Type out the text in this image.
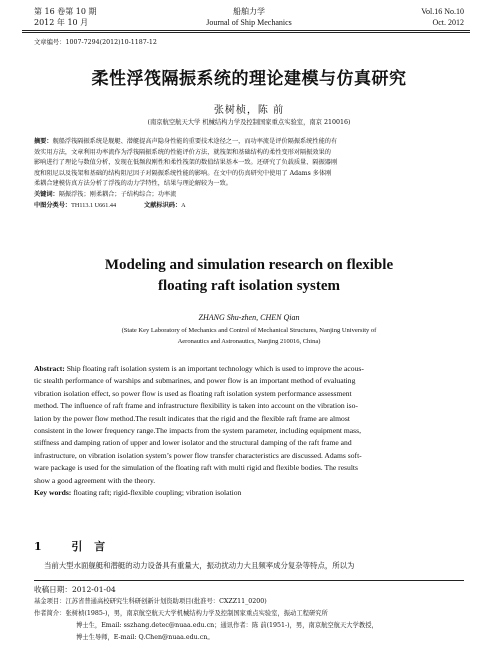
第 16 卷第 10 期
2012 年 10 月
船舶力学
Journal of Ship Mechanics
Vol.16 No.10
Oct. 2012
文章编号：1007-7294(2012)10-1187-12
柔性浮筏隔振系统的理论建模与仿真研究
张树桢，陈 前
(南京航空航天大学 机械结构力学及控制国家重点实验室，南京 210016)
摘要：舰船浮筏隔振系统是舰艇、潜艇提高声隐身性能的重要技术途径之一，而功率流是评价隔振系统性能的有
效实用方法，文章利用功率流作为浮筏隔振系统的性能评价方法，就筏架和基础结构的柔性变形对隔振效果的
影响进行了理论与数值分析，发现在低频段刚性和柔性筏架的数值结果基本一致。还研究了负载质量、隔振器刚
度和阻尼以及筏架和基础的结构阻尼因子对隔振系统性能的影响。在文中的仿真研究中使用了 Adams 多体刚
柔耦合建模仿真方法分析了浮筏的动力学特性，结果与理论解较为一致。
关键词：隔振浮筏；刚柔耦合；子结构综合；功率流
中图分类号：TH113.1 U661.44	文献标识码：A
Modeling and simulation research on flexible
floating raft isolation system
ZHANG Shu-zhen, CHEN Qian
(State Key Laboratory of Mechanics and Control of Mechanical Structures, Nanjing University of
Aeronautics and Astronautics, Nanjing 210016, China)
Abstract: Ship floating raft isolation system is an important technology which is used to improve the acous-
tic stealth performance of warships and submarines, and power flow is an important method of evaluating
vibration isolation effect, so power flow is used as floating raft isolation system performance assessment
method. The influence of raft frame and infrastructure flexibility is taken into account on the vibration iso-
lation by the power flow method.The result indicates that the rigid and the flexible raft frame are almost
consistent in the lower frequency range.The impacts from the system parameter, including equipment mass,
stiffness and damping ration of upper and lower isolator and the structural damping of the raft frame and
infrastructure, on vibration isolation system’s power flow transfer characteristics are discussed. Adams soft-
ware package is used for the simulation of the floating raft with multi rigid and flexible bodies. The results
show a good agreement with the theory.
Key words: floating raft; rigid-flexible coupling; vibration isolation
1 引 言
当前大型水面舰艇和潜艇的动力设备具有重量大，振动扰动力大且频率成分复杂等特点，所以为
收稿日期：2012-01-04
基金项目：江苏省普通高校研究生科研创新计划资助项目(批准号：CXZZ11_0200)
作者简介：张树桢(1985-)，男，南京航空航天大学机械结构力学及控制国家重点实验室，振动工程研究所
博士生，Email: sszhang.detec@nuaa.edu.cn；通讯作者：陈 前(1951-)，男，南京航空航天大学教授，
博士生导师，E-mail: Q.Chen@nuaa.edu.cn。
